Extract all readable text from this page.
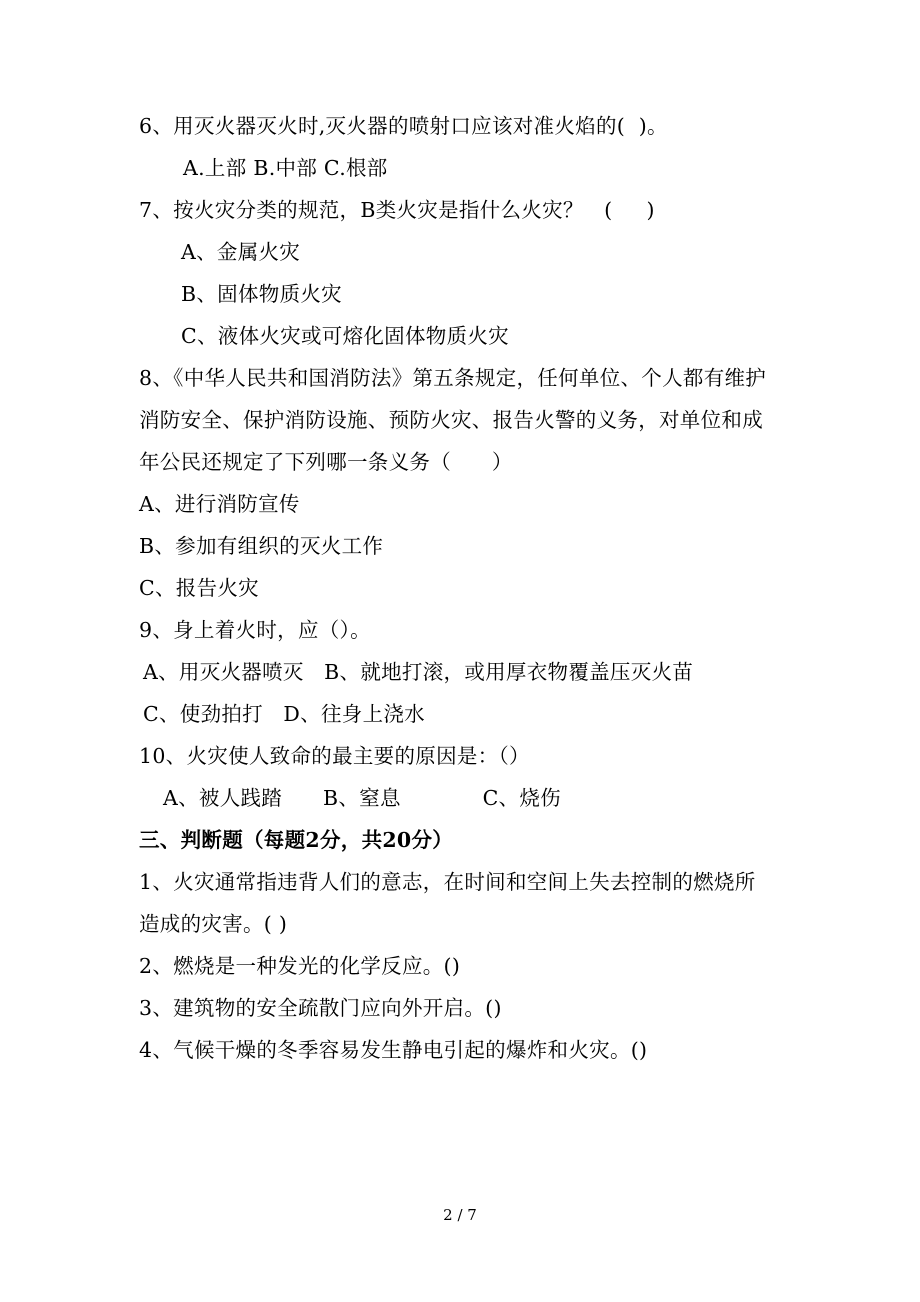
6、用灭火器灭火时,灭火器的喷射口应该对准火焰的(  )。
A.上部 B.中部 C.根部
7、按火灾分类的规范，B类火灾是指什么火灾？   (     )
A、金属火灾
B、固体物质火灾
C、液体火灾或可熔化固体物质火灾
8、《中华人民共和国消防法》第五条规定，任何单位、个人都有维护
消防安全、保护消防设施、预防火灾、报告火警的义务，对单位和成
年公民还规定了下列哪一条义务（      ）
A、进行消防宣传
B、参加有组织的灭火工作
C、报告火灾
9、身上着火时，应（）。
A、用灭火器喷灭   B、就地打滚，或用厚衣物覆盖压灭火苗
C、使劲拍打   D、往身上浇水
10、火灾使人致命的最主要的原因是：（）
A、被人践踏      B、窒息            C、烧伤
三、判断题（每题2分，共20分）
1、火灾通常指违背人们的意志，在时间和空间上失去控制的燃烧所
造成的灾害。( )
2、燃烧是一种发光的化学反应。()
3、建筑物的安全疏散门应向外开启。()
4、气候干燥的冬季容易发生静电引起的爆炸和火灾。()
2 / 7
